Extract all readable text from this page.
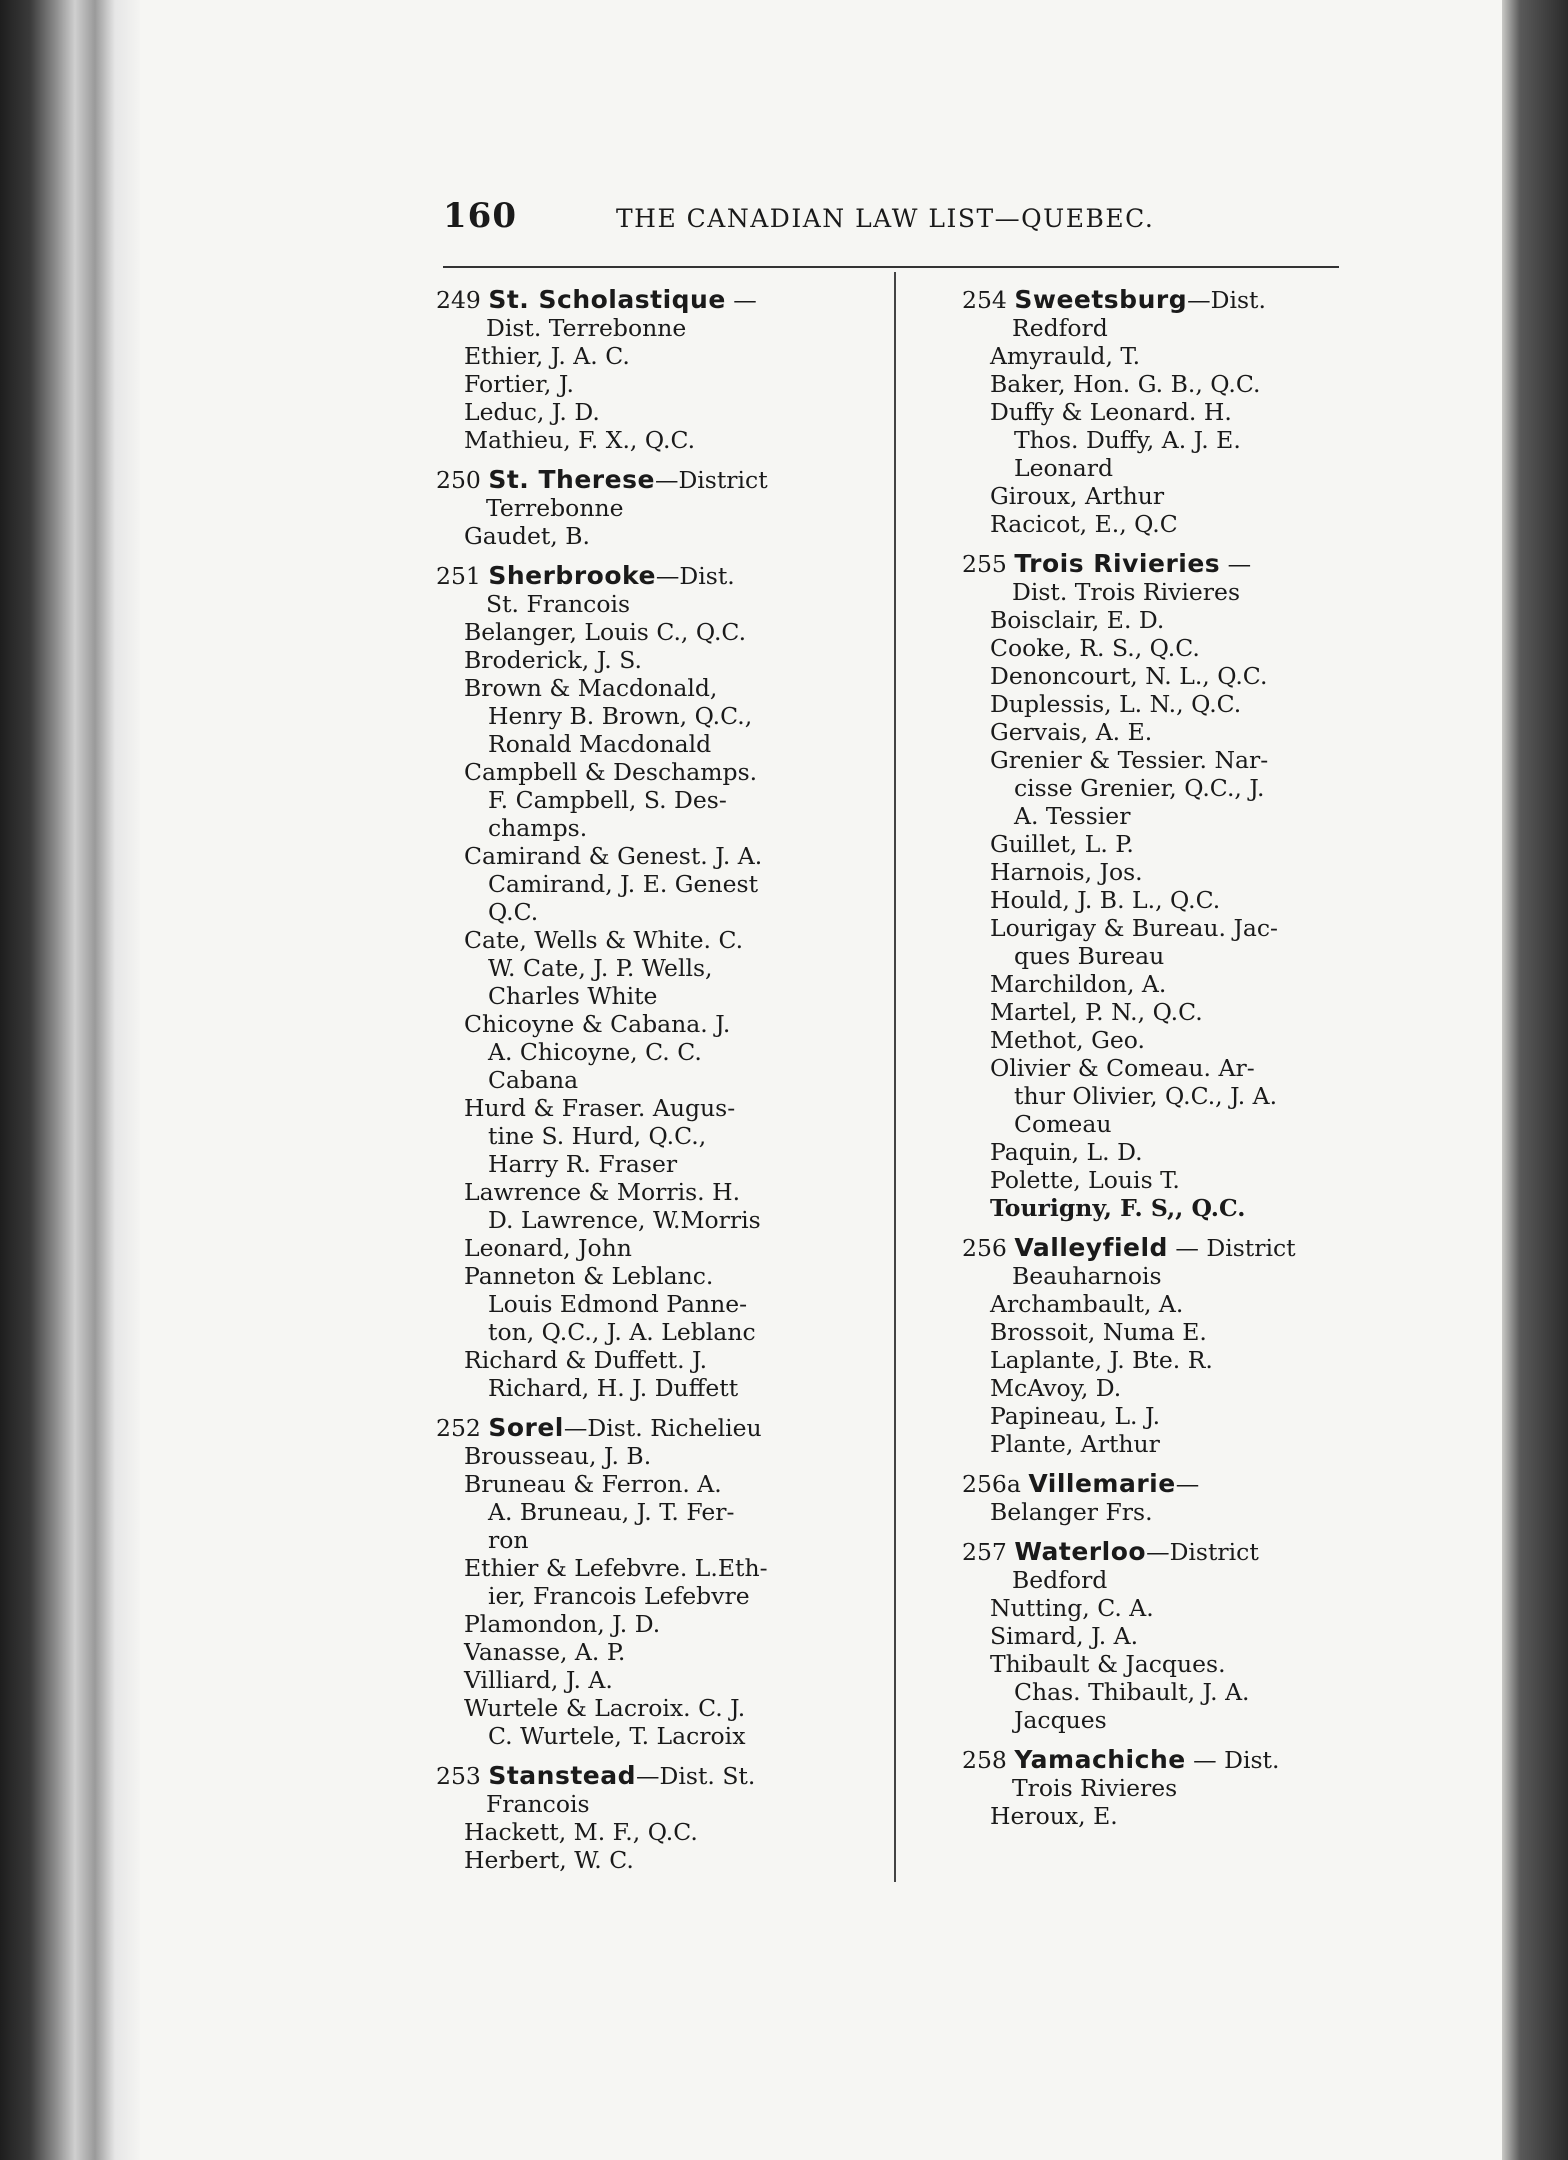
160	THE CANADIAN LAW LIST—QUEBEC.
249 St. Scholastique —
Dist. Terrebonne
Ethier, J. A. C.
Fortier, J.
Leduc, J. D.
Mathieu, F. X., Q.C.
250 St. Therese—District
Terrebonne
Gaudet, B.
251 Sherbrooke—Dist.
St. Francois
Belanger, Louis C., Q.C.
Broderick, J. S.
Brown & Macdonald,
Henry B. Brown, Q.C.,
Ronald Macdonald
Campbell & Deschamps.
F. Campbell, S. Des-
champs.
Camirand & Genest. J. A.
Camirand, J. E. Genest
Q.C.
Cate, Wells & White. C.
W. Cate, J. P. Wells,
Charles White
Chicoyne & Cabana. J.
A. Chicoyne, C. C.
Cabana
Hurd & Fraser. Augus-
tine S. Hurd, Q.C.,
Harry R. Fraser
Lawrence & Morris. H.
D. Lawrence, W.Morris
Leonard, John
Panneton & Leblanc.
Louis Edmond Panne-
ton, Q.C., J. A. Leblanc
Richard & Duffett. J.
Richard, H. J. Duffett
252 Sorel—Dist. Richelieu
Brousseau, J. B.
Bruneau & Ferron. A.
A. Bruneau, J. T. Fer-
ron
Ethier & Lefebvre. L.Eth-
ier, Francois Lefebvre
Plamondon, J. D.
Vanasse, A. P.
Villiard, J. A.
Wurtele & Lacroix. C. J.
C. Wurtele, T. Lacroix
253 Stanstead—Dist. St.
Francois
Hackett, M. F., Q.C.
Herbert, W. C.
254 Sweetsburg—Dist.
Redford
Amyrauld, T.
Baker, Hon. G. B., Q.C.
Duffy & Leonard. H.
Thos. Duffy, A. J. E.
Leonard
Giroux, Arthur
Racicot, E., Q.C
255 Trois Rivieries —
Dist. Trois Rivieres
Boisclair, E. D.
Cooke, R. S., Q.C.
Denoncourt, N. L., Q.C.
Duplessis, L. N., Q.C.
Gervais, A. E.
Grenier & Tessier. Nar-
cisse Grenier, Q.C., J.
A. Tessier
Guillet, L. P.
Harnois, Jos.
Hould, J. B. L., Q.C.
Lourigay & Bureau. Jac-
ques Bureau
Marchildon, A.
Martel, P. N., Q.C.
Methot, Geo.
Olivier & Comeau. Ar-
thur Olivier, Q.C., J. A.
Comeau
Paquin, L. D.
Polette, Louis T.
Tourigny, F. S,, Q.C.
256 Valleyfield — District
Beauharnois
Archambault, A.
Brossoit, Numa E.
Laplante, J. Bte. R.
McAvoy, D.
Papineau, L. J.
Plante, Arthur
256a Villemarie—
Belanger Frs.
257 Waterloo—District
Bedford
Nutting, C. A.
Simard, J. A.
Thibault & Jacques.
Chas. Thibault, J. A.
Jacques
258 Yamachiche — Dist.
Trois Rivieres
Heroux, E.
